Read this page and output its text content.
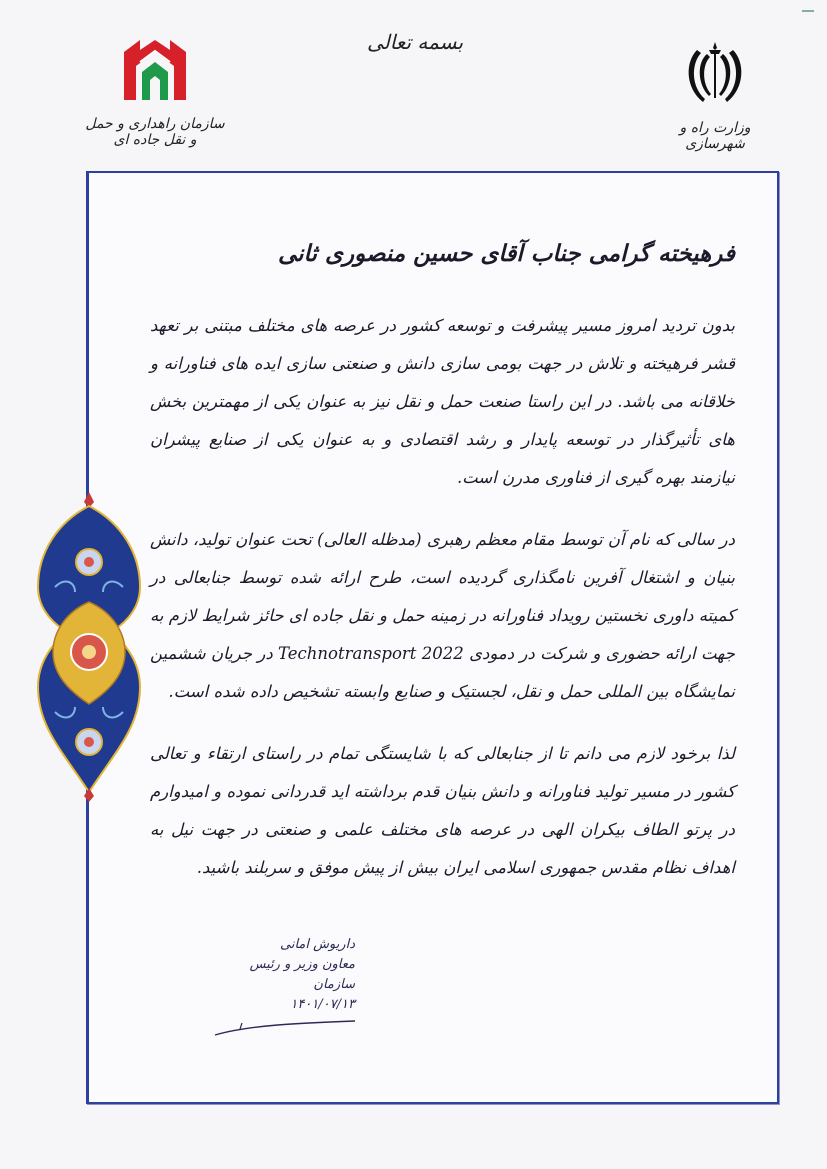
بسمه تعالی
سازمان راهداری و حمل و نقل جاده ای
وزارت راه و شهرسازی
فرهیخته گرامی جناب آقای حسین منصوری ثانی

بدون تردید امروز مسیر پیشرفت و توسعه کشور در عرصه های مختلف مبتنی بر تعهد قشر فرهیخته و تلاش در جهت بومی سازی دانش و صنعتی سازی ایده های فناورانه و خلاقانه می باشد. در این راستا صنعت حمل و نقل نیز به عنوان یکی از مهمترین بخش های تأثیرگذار در توسعه پایدار و رشد اقتصادی و به عنوان یکی از صنایع پیشران نیازمند بهره گیری از فناوری مدرن است.

در سالی که نام آن توسط مقام معظم رهبری (مدظله العالی) تحت عنوان تولید، دانش بنیان و اشتغال آفرین نامگذاری گردیده است، طرح ارائه شده توسط جنابعالی در کمیته داوری نخستین رویداد فناورانه در زمینه حمل و نقل جاده ای حائز شرایط لازم به جهت ارائه حضوری و شرکت در دمودی Technotransport 2022 در جریان ششمین نمایشگاه بین المللی حمل و نقل، لجستیک و صنایع وابسته تشخیص داده شده است.

لذا برخود لازم می دانم تا از جنابعالی که با شایستگی تمام در راستای ارتقاء و تعالی کشور در مسیر تولید فناورانه و دانش بنیان قدم برداشته اید قدردانی نموده و امیدوارم در پرتو الطاف بیکران الهی در عرصه های مختلف علمی و صنعتی در جهت نیل به اهداف نظام مقدس جمهوری اسلامی ایران بیش از پیش موفق و سربلند باشید.

داریوش امانی
معاون وزیر و رئیس سازمان
۱۴۰۱/۰۷/۱۳
